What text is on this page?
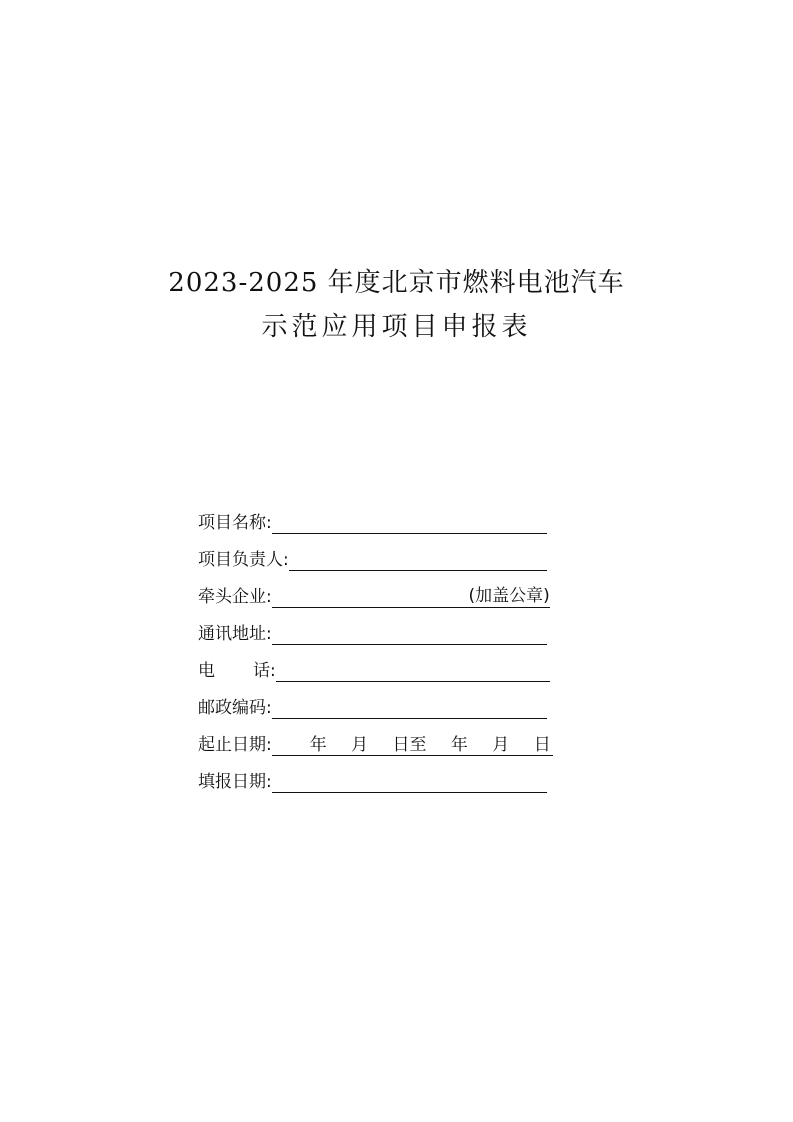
2023-2025 年度北京市燃料电池汽车
示范应用项目申报表
项目名称:
项目负责人:
牵头企业:	(加盖公章)
通讯地址:
电 话:
邮政编码:
起止日期: 年 月 日至 年 月 日
填报日期:
